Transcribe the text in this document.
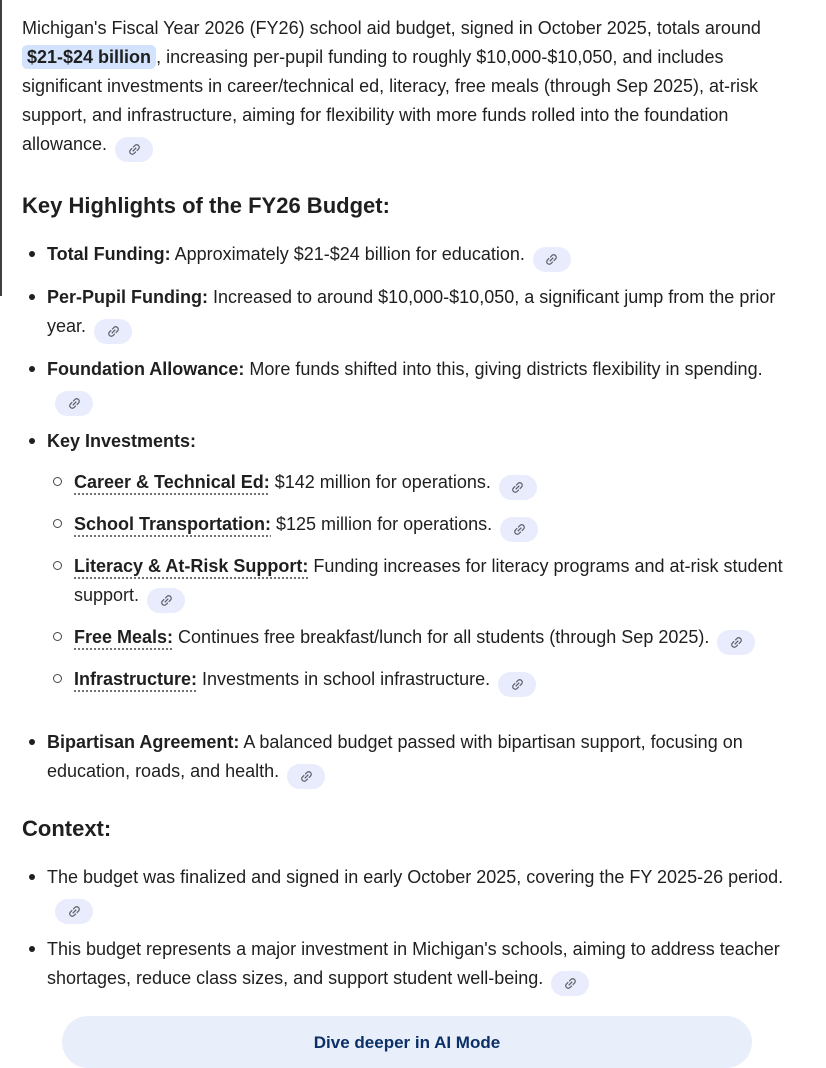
Michigan's Fiscal Year 2026 (FY26) school aid budget, signed in October 2025, totals around $21-$24 billion , increasing per-pupil funding to roughly $10,000-$10,050, and includes significant investments in career/technical ed, literacy, free meals (through Sep 2025), at-risk support, and infrastructure, aiming for flexibility with more funds rolled into the foundation allowance.

Key Highlights of the FY26 Budget:
Total Funding: Approximately $21-$24 billion for education.
Per-Pupil Funding: Increased to around $10,000-$10,050, a significant jump from the prior year.
Foundation Allowance: More funds shifted into this, giving districts flexibility in spending.
Key Investments:
Career & Technical Ed: $142 million for operations.
School Transportation: $125 million for operations.
Literacy & At-Risk Support: Funding increases for literacy programs and at-risk student support.
Free Meals: Continues free breakfast/lunch for all students (through Sep 2025).
Infrastructure: Investments in school infrastructure.
Bipartisan Agreement: A balanced budget passed with bipartisan support, focusing on education, roads, and health.
Context:
The budget was finalized and signed in early October 2025, covering the FY 2025-26 period.
This budget represents a major investment in Michigan's schools, aiming to address teacher shortages, reduce class sizes, and support student well-being.
Dive deeper in AI Mode
